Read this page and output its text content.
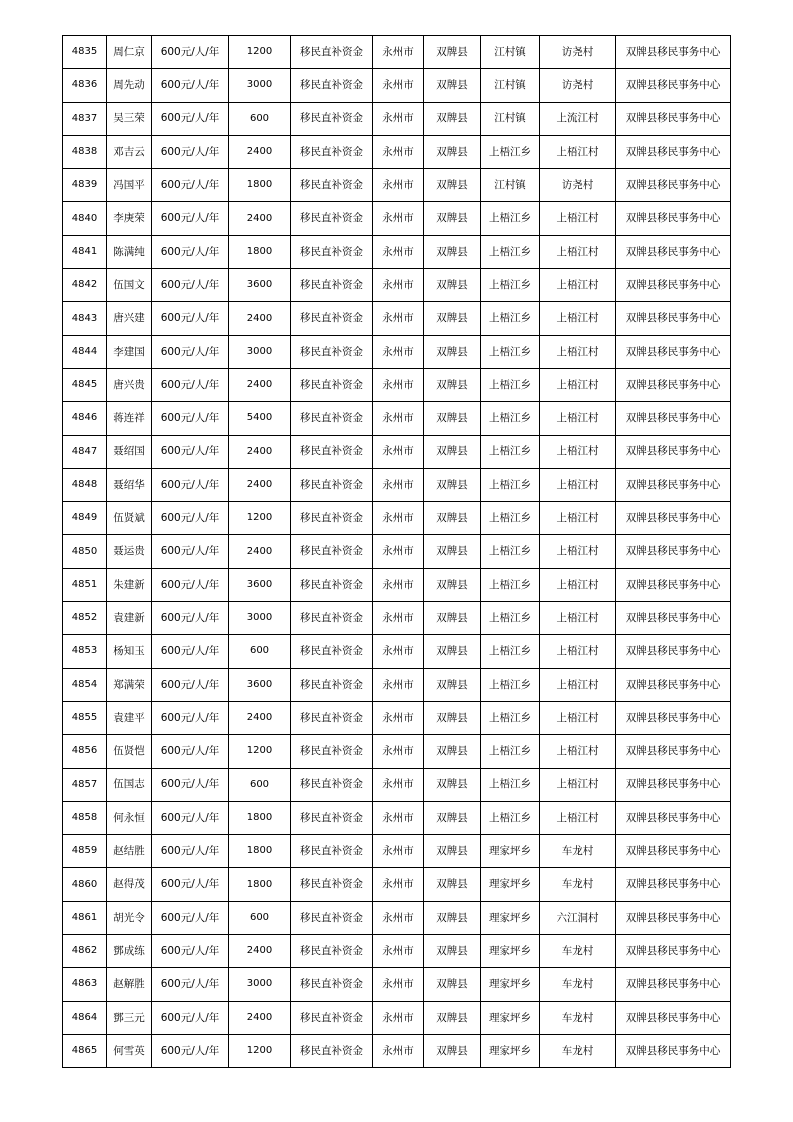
4835	周仁京	600元/人/年	1200	移民直补资金	永州市	双牌县	江村镇	访尧村	双牌县移民事务中心
4836	周先动	600元/人/年	3000	移民直补资金	永州市	双牌县	江村镇	访尧村	双牌县移民事务中心
4837	吴三荣	600元/人/年	600	移民直补资金	永州市	双牌县	江村镇	上流江村	双牌县移民事务中心
4838	邓吉云	600元/人/年	2400	移民直补资金	永州市	双牌县	上梧江乡	上梧江村	双牌县移民事务中心
4839	冯国平	600元/人/年	1800	移民直补资金	永州市	双牌县	江村镇	访尧村	双牌县移民事务中心
4840	李庚荣	600元/人/年	2400	移民直补资金	永州市	双牌县	上梧江乡	上梧江村	双牌县移民事务中心
4841	陈满纯	600元/人/年	1800	移民直补资金	永州市	双牌县	上梧江乡	上梧江村	双牌县移民事务中心
4842	伍国文	600元/人/年	3600	移民直补资金	永州市	双牌县	上梧江乡	上梧江村	双牌县移民事务中心
4843	唐兴建	600元/人/年	2400	移民直补资金	永州市	双牌县	上梧江乡	上梧江村	双牌县移民事务中心
4844	李建国	600元/人/年	3000	移民直补资金	永州市	双牌县	上梧江乡	上梧江村	双牌县移民事务中心
4845	唐兴贵	600元/人/年	2400	移民直补资金	永州市	双牌县	上梧江乡	上梧江村	双牌县移民事务中心
4846	蒋连祥	600元/人/年	5400	移民直补资金	永州市	双牌县	上梧江乡	上梧江村	双牌县移民事务中心
4847	聂绍国	600元/人/年	2400	移民直补资金	永州市	双牌县	上梧江乡	上梧江村	双牌县移民事务中心
4848	聂绍华	600元/人/年	2400	移民直补资金	永州市	双牌县	上梧江乡	上梧江村	双牌县移民事务中心
4849	伍贤斌	600元/人/年	1200	移民直补资金	永州市	双牌县	上梧江乡	上梧江村	双牌县移民事务中心
4850	聂运贵	600元/人/年	2400	移民直补资金	永州市	双牌县	上梧江乡	上梧江村	双牌县移民事务中心
4851	朱建新	600元/人/年	3600	移民直补资金	永州市	双牌县	上梧江乡	上梧江村	双牌县移民事务中心
4852	袁建新	600元/人/年	3000	移民直补资金	永州市	双牌县	上梧江乡	上梧江村	双牌县移民事务中心
4853	杨知玉	600元/人/年	600	移民直补资金	永州市	双牌县	上梧江乡	上梧江村	双牌县移民事务中心
4854	郑满荣	600元/人/年	3600	移民直补资金	永州市	双牌县	上梧江乡	上梧江村	双牌县移民事务中心
4855	袁建平	600元/人/年	2400	移民直补资金	永州市	双牌县	上梧江乡	上梧江村	双牌县移民事务中心
4856	伍贤恺	600元/人/年	1200	移民直补资金	永州市	双牌县	上梧江乡	上梧江村	双牌县移民事务中心
4857	伍国志	600元/人/年	600	移民直补资金	永州市	双牌县	上梧江乡	上梧江村	双牌县移民事务中心
4858	何永恒	600元/人/年	1800	移民直补资金	永州市	双牌县	上梧江乡	上梧江村	双牌县移民事务中心
4859	赵结胜	600元/人/年	1800	移民直补资金	永州市	双牌县	理家坪乡	车龙村	双牌县移民事务中心
4860	赵得茂	600元/人/年	1800	移民直补资金	永州市	双牌县	理家坪乡	车龙村	双牌县移民事务中心
4861	胡光令	600元/人/年	600	移民直补资金	永州市	双牌县	理家坪乡	六江洞村	双牌县移民事务中心
4862	鄧成练	600元/人/年	2400	移民直补资金	永州市	双牌县	理家坪乡	车龙村	双牌县移民事务中心
4863	赵解胜	600元/人/年	3000	移民直补资金	永州市	双牌县	理家坪乡	车龙村	双牌县移民事务中心
4864	鄧三元	600元/人/年	2400	移民直补资金	永州市	双牌县	理家坪乡	车龙村	双牌县移民事务中心
4865	何雪英	600元/人/年	1200	移民直补资金	永州市	双牌县	理家坪乡	车龙村	双牌县移民事务中心
